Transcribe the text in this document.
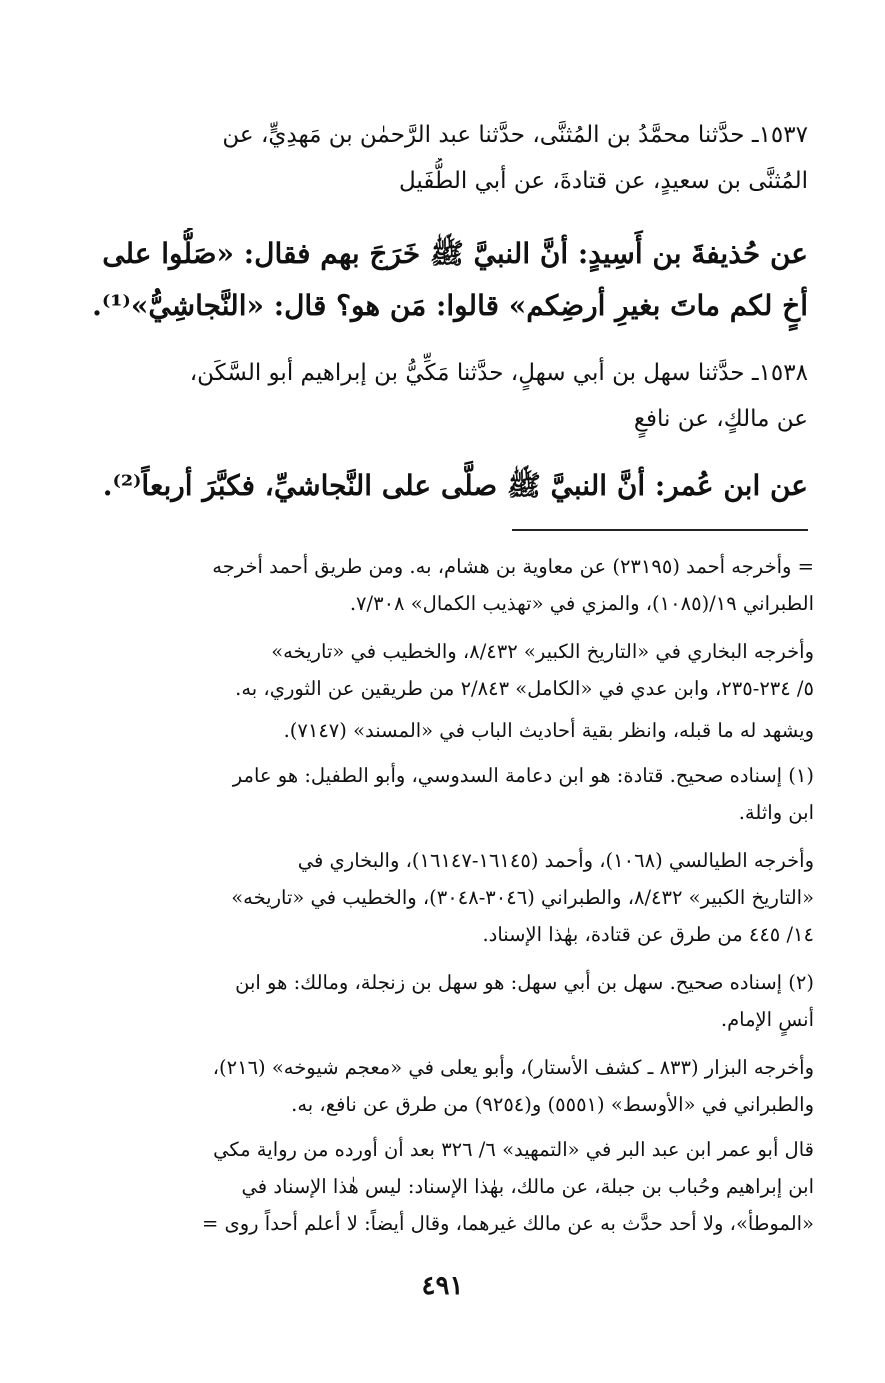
١٥٣٧ـ حدَّثنا محمَّدُ بن المُثنَّى، حدَّثنا عبد الرَّحمٰن بن مَهدِيٍّ، عن
المُثنَّى بن سعيدٍ، عن قتادةَ، عن أبي الطُّفَيل
عن حُذيفةَ بن أَسِيدٍ: أنَّ النبيَّ ﷺ خَرَجَ بهم فقال: «صَلُّوا على
أخٍ لكم ماتَ بغيرِ أرضِكم» قالوا: مَن هو؟ قال: «النَّجاشِيُّ»⁽¹⁾.
١٥٣٨ـ حدَّثنا سهل بن أبي سهلٍ، حدَّثنا مَكِّيُّ بن إبراهيم أبو السَّكَن،
عن مالكٍ، عن نافعٍ
عن ابن عُمر: أنَّ النبيَّ ﷺ صلَّى على النَّجاشيِّ، فكبَّرَ أربعاً⁽²⁾.
= وأخرجه أحمد (٢٣١٩٥) عن معاوية بن هشام، به. ومن طريق أحمد أخرجه
الطبراني ١٩/(١٠٨٥)، والمزي في «تهذيب الكمال» ٧/٣٠٨.
وأخرجه البخاري في «التاريخ الكبير» ٨/٤٣٢، والخطيب في «تاريخه»
٥/ ٢٣٤-٢٣٥، وابن عدي في «الكامل» ٢/٨٤٣ من طريقين عن الثوري، به.
ويشهد له ما قبله، وانظر بقية أحاديث الباب في «المسند» (٧١٤٧).
(١) إسناده صحيح. قتادة: هو ابن دعامة السدوسي، وأبو الطفيل: هو عامر
ابن واثلة.
وأخرجه الطيالسي (١٠٦٨)، وأحمد (١٦١٤٥-١٦١٤٧)، والبخاري في
«التاريخ الكبير» ٨/٤٣٢، والطبراني (٣٠٤٦-٣٠٤٨)، والخطيب في «تاريخه»
١٤/ ٤٤٥ من طرق عن قتادة، بهٰذا الإسناد.
(٢) إسناده صحيح. سهل بن أبي سهل: هو سهل بن زنجلة، ومالك: هو ابن
أنسٍ الإمام.
وأخرجه البزار (٨٣٣ ـ كشف الأستار)، وأبو يعلى في «معجم شيوخه» (٢١٦)،
والطبراني في «الأوسط» (٥٥٥١) و(٩٢٥٤) من طرق عن نافع، به.
قال أبو عمر ابن عبد البر في «التمهيد» ٦/ ٣٢٦ بعد أن أورده من رواية مكي
ابن إبراهيم وحُباب بن جبلة، عن مالك، بهٰذا الإسناد: ليس هٰذا الإسناد في
«الموطأ»، ولا أحد حدَّث به عن مالك غيرهما، وقال أيضاً: لا أعلم أحداً روى =
٤٩١
